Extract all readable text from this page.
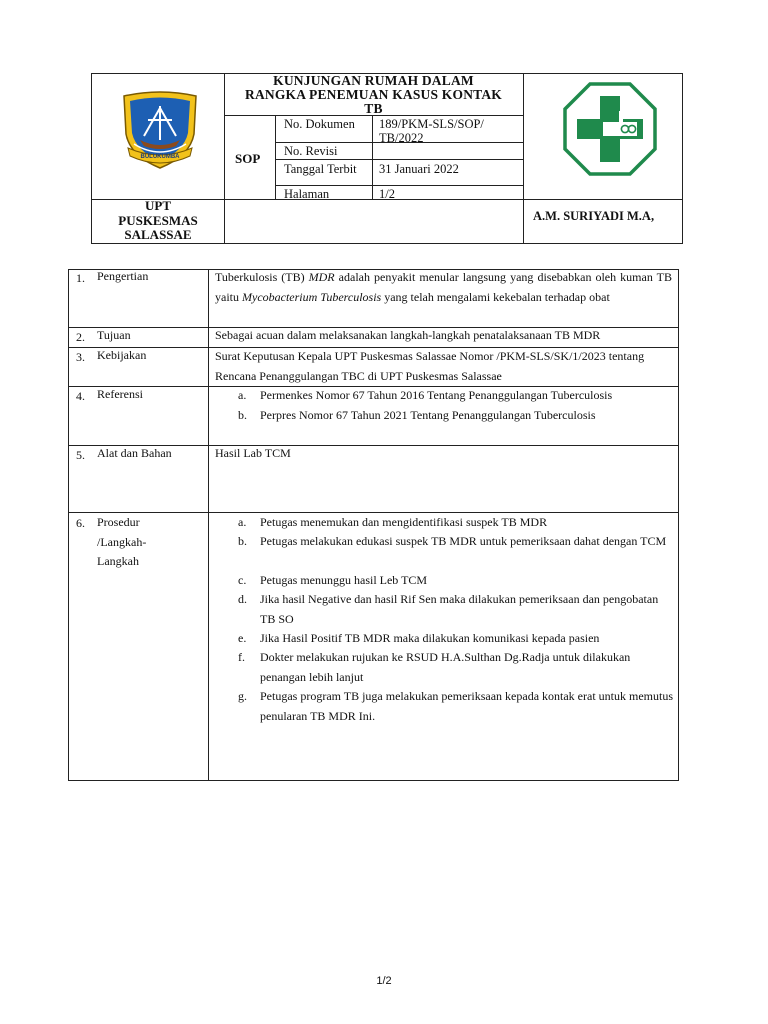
BULUKUMBA
KUNJUNGAN RUMAH DALAM
RANGKA PENEMUAN KASUS KONTAK
TB
SOP
No. Dokumen 189/PKM-SLS/SOP/
TB/2022
No. Revisi
Tanggal Terbit 31 Januari 2022
Halaman	1/2
UPT
PUSKESMAS
SALASSAE
A.M. SURIYADI M.A,
1. Pengertian	Tuberkulosis (TB) MDR adalah penyakit menular langsung yang disebabkan oleh kuman TB yaitu Mycobacterium Tuberculosis yang telah mengalami kekebalan terhadap obat
2. Tujuan	Sebagai acuan dalam melaksanakan langkah-langkah penatalaksanaan TB MDR
3. Kebijakan	Surat Keputusan Kepala UPT Puskesmas Salassae Nomor /PKM-SLS/SK/1/2023 tentang Rencana Penanggulangan TBC di UPT Puskesmas Salassae
4. Referensi	a.	Permenkes Nomor 67 Tahun 2016 Tentang Penanggulangan Tuberculosis
b.	Perpres Nomor 67 Tahun 2021 Tentang Penanggulangan Tuberculosis
5. Alat dan Bahan	Hasil Lab TCM
6. Prosedur
/Langkah-
Langkah
a.	Petugas menemukan dan mengidentifikasi suspek TB MDR
b.	Petugas melakukan edukasi suspek TB MDR untuk pemeriksaan dahat dengan TCM
c.	Petugas menunggu hasil Leb TCM
d.	Jika hasil Negative dan hasil Rif Sen maka dilakukan pemeriksaan dan pengobatan TB SO
e.	Jika Hasil Positif TB MDR maka dilakukan komunikasi kepada pasien
f.	Dokter melakukan rujukan ke RSUD H.A.Sulthan Dg.Radja untuk dilakukan penangan lebih lanjut
g.	Petugas program TB juga melakukan pemeriksaan kepada kontak erat untuk memutus penularan TB MDR Ini.
1/2
